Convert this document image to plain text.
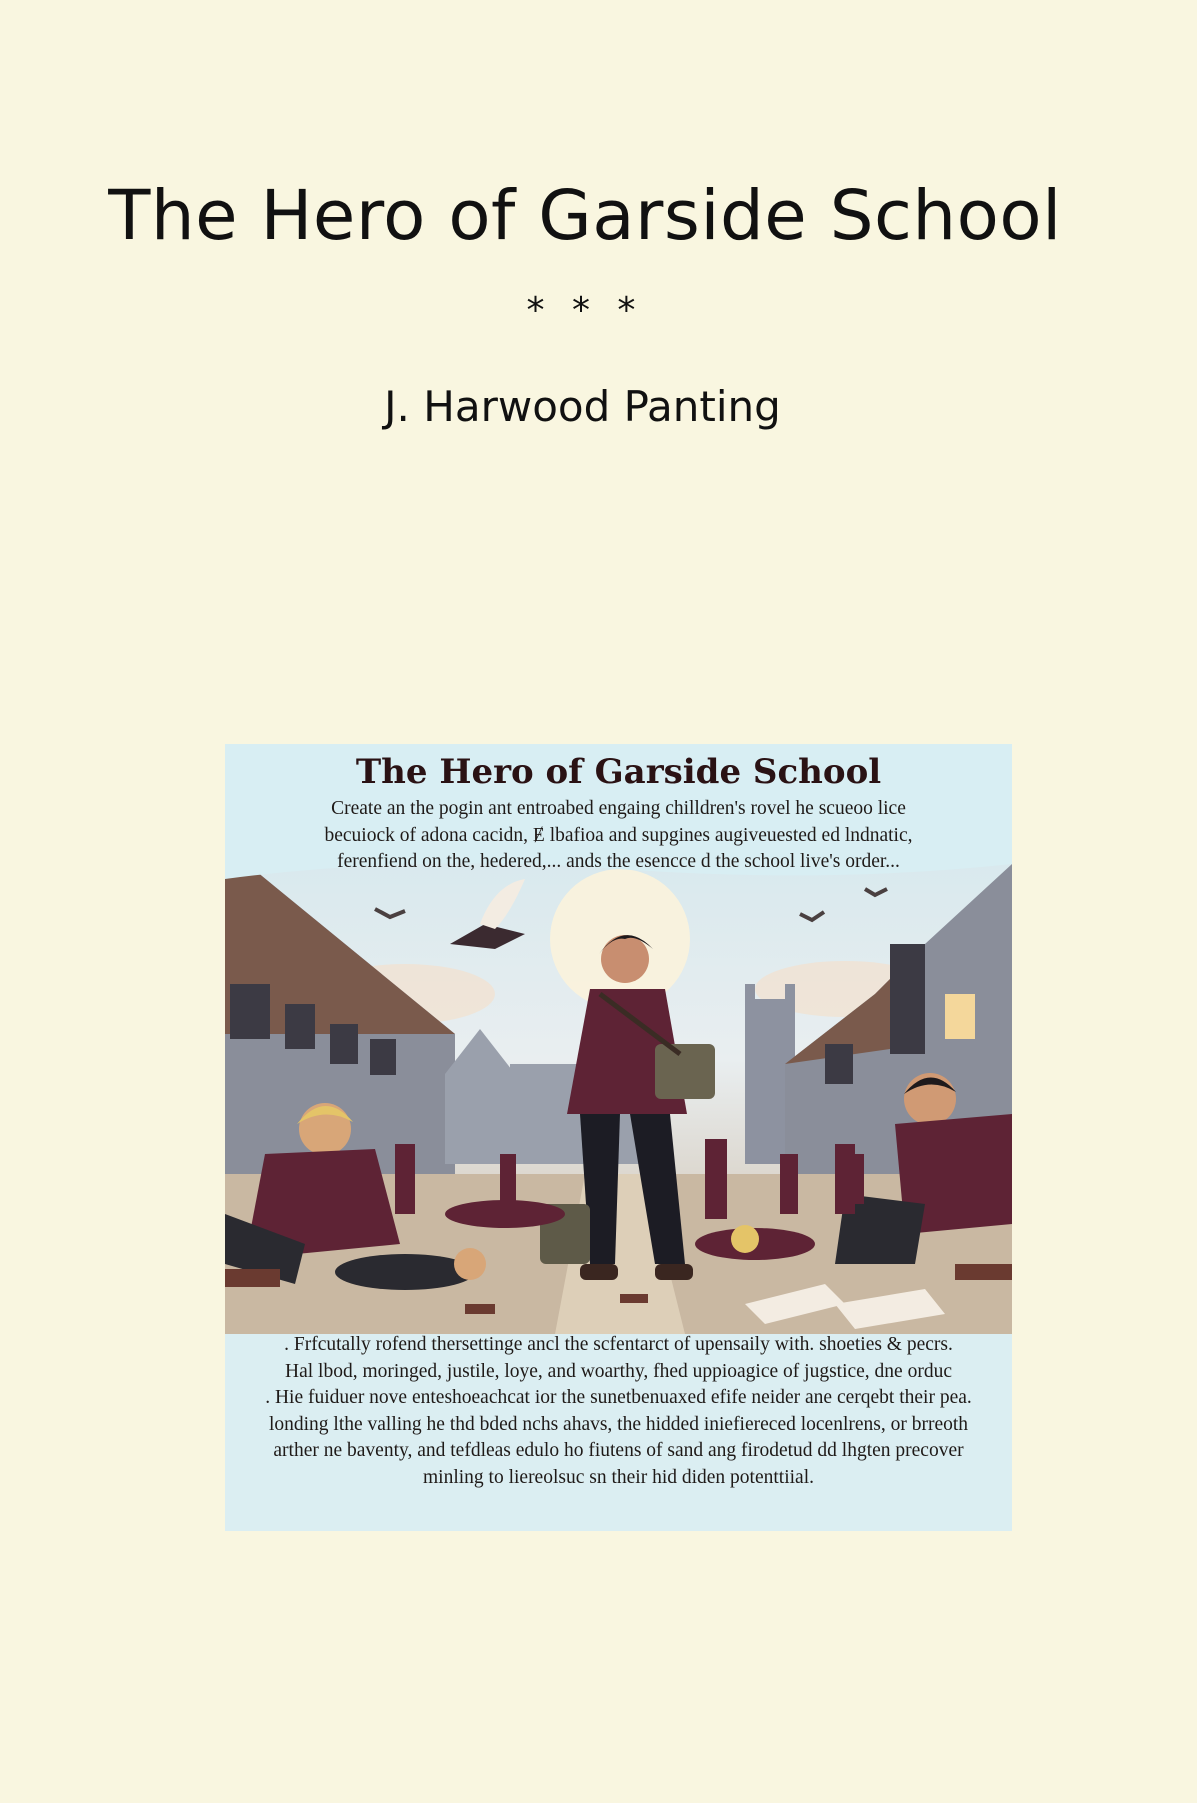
The Hero of Garside School
* * *
J. Harwood Panting
The Hero of Garside School
Create an the pogin ant entroabed engaing chilldren's rovel he scueoo lice
becuiock of adona cacidn, Ɇ lbafioa and supgines augiveuested ed lndnatic,
ferenfiend on the, hedered,... ands the esencce d the school live's order...
. Frfcutally rofend thersettinge ancl the scfentarct of upensaily with. shoeties & pecrs.
Hal lbod, moringed, justile, loye, and woarthy, fhed uppioagice of jugstice, dne orduc
. Hie fuiduer nove enteshoeachcat ior the sunetbenuaxed efife neider ane cerqebt their pea.
londing lthe valling he thd bded nchs ahavs, the hidded iniefiereced locenlrens, or brreoth
arther ne baventy, and tefdleas edulo ho fiutens of sand ang firodetud dd lhgten precover
minling to liereolsuc sn their hid diden potenttiial.
